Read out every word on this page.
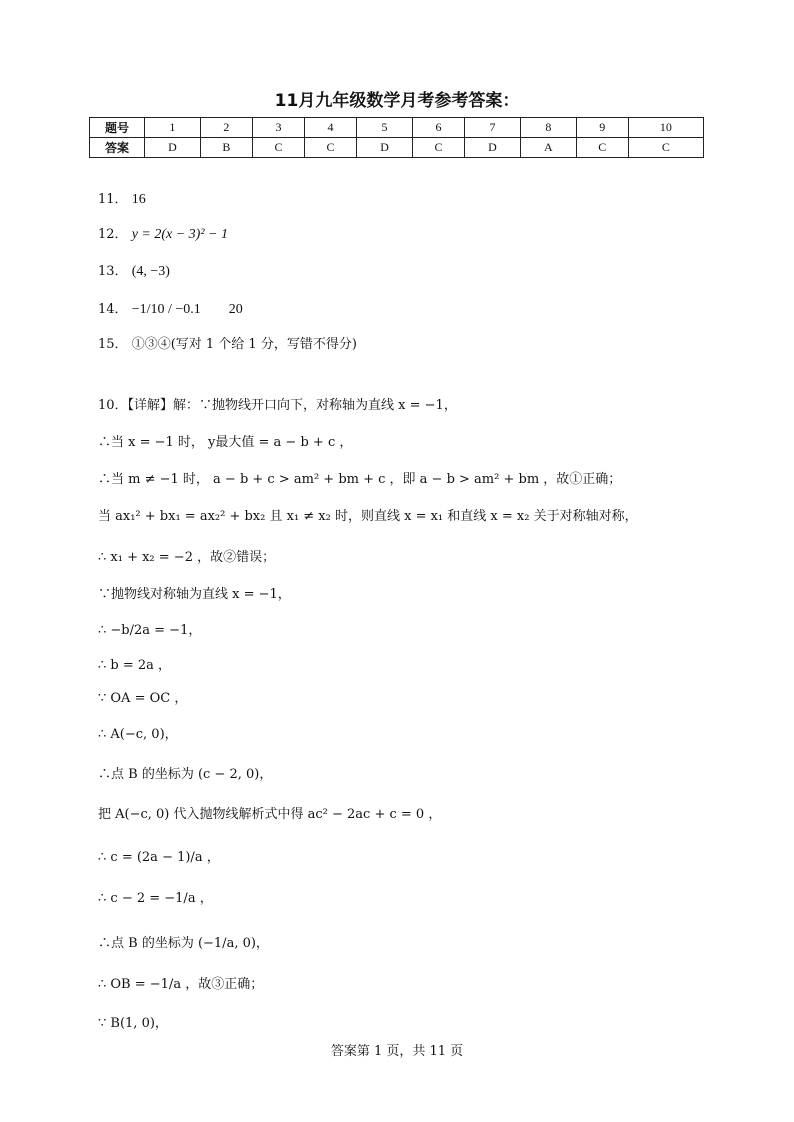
11月九年级数学月考参考答案：
题号	1	2	3	4	5	6	7	8	9	10
答案	D	B	C	C	D	C	D	A	C	C
11． 16
12． y = 2(x − 3)² − 1
13． (4, −3)
14． −1/10 / −0.1　　20
15． ①③④(写对 1 个给 1 分，写错不得分)
10．【详解】解：∵抛物线开口向下，对称轴为直线 x = −1，
∴当 x = −1 时， y最大值 = a − b + c ，
∴当 m ≠ −1 时， a − b + c > am² + bm + c ，即 a − b > am² + bm ，故①正确；
当 ax₁² + bx₁ = ax₂² + bx₂ 且 x₁ ≠ x₂ 时，则直线 x = x₁ 和直线 x = x₂ 关于对称轴对称，
∴ x₁ + x₂ = −2 ，故②错误；
∵抛物线对称轴为直线 x = −1，
∴ −b/2a = −1，
∴ b = 2a ，
∵ OA = OC ，
∴ A(−c, 0)，
∴点 B 的坐标为 (c − 2, 0)，
把 A(−c, 0) 代入抛物线解析式中得 ac² − 2ac + c = 0 ，
∴ c = (2a − 1)/a ，
∴ c − 2 = −1/a ，
∴点 B 的坐标为 (−1/a, 0)，
∴ OB = −1/a ，故③正确；
∵ B(1, 0)，
答案第 1 页，共 11 页
